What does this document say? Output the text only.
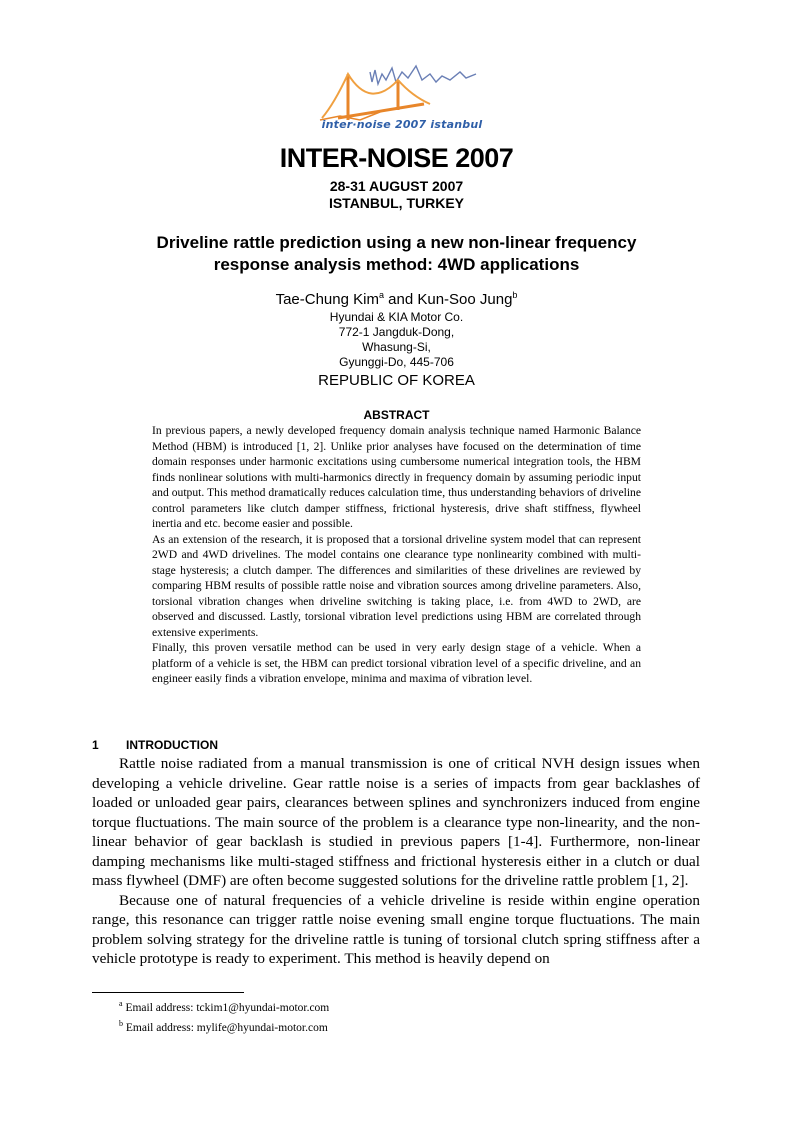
inter·noise 2007 istanbul
INTER-NOISE 2007
28-31 AUGUST 2007
ISTANBUL, TURKEY
Driveline rattle prediction using a new non-linear frequency
response analysis method: 4WD applications
Tae-Chung Kim$^a$ and Kun-Soo Jung$^b$
Hyundai & KIA Motor Co.
772-1 Jangduk-Dong,
Whasung-Si,
Gyunggi-Do, 445-706
REPUBLIC OF KOREA
ABSTRACT

In previous papers, a newly developed frequency domain analysis technique named Harmonic Balance Method (HBM) is introduced [1, 2]. Unlike prior analyses have focused on the determination of time domain responses under harmonic excitations using cumbersome numerical integration tools, the HBM finds nonlinear solutions with multi-harmonics directly in frequency domain by assuming periodic input and output. This method dramatically reduces calculation time, thus understanding behaviors of driveline control parameters like clutch damper stiffness, frictional hysteresis, drive shaft stiffness, flywheel inertia and etc. become easier and possible.

As an extension of the research, it is proposed that a torsional driveline system model that can represent 2WD and 4WD drivelines. The model contains one clearance type nonlinearity combined with multi-stage hysteresis; a clutch damper. The differences and similarities of these drivelines are reviewed by comparing HBM results of possible rattle noise and vibration sources among driveline parameters. Also, torsional vibration changes when driveline switching is taking place, i.e. from 4WD to 2WD, are observed and discussed. Lastly, torsional vibration level predictions using HBM are correlated through extensive experiments.

Finally, this proven versatile method can be used in very early design stage of a vehicle. When a platform of a vehicle is set, the HBM can predict torsional vibration level of a specific driveline, and an engineer easily finds a vibration envelope, minima and maxima of vibration level.

1 INTRODUCTION

Rattle noise radiated from a manual transmission is one of critical NVH design issues when developing a vehicle driveline. Gear rattle noise is a series of impacts from gear backlashes of loaded or unloaded gear pairs, clearances between splines and synchronizers induced from engine torque fluctuations. The main source of the problem is a clearance type non-linearity, and the non-linear behavior of gear backlash is studied in previous papers [1-4]. Furthermore, non-linear damping mechanisms like multi-staged stiffness and frictional hysteresis either in a clutch or dual mass flywheel (DMF) are often become suggested solutions for the driveline rattle problem [1, 2].

Because one of natural frequencies of a vehicle driveline is reside within engine operation range, this resonance can trigger rattle noise evening small engine torque fluctuations. The main problem solving strategy for the driveline rattle is tuning of torsional clutch spring stiffness after a vehicle prototype is ready to experiment. This method is heavily depend on

$^a$ Email address: tckim1@hyundai-motor.com
$^b$ Email address: mylife@hyundai-motor.com
